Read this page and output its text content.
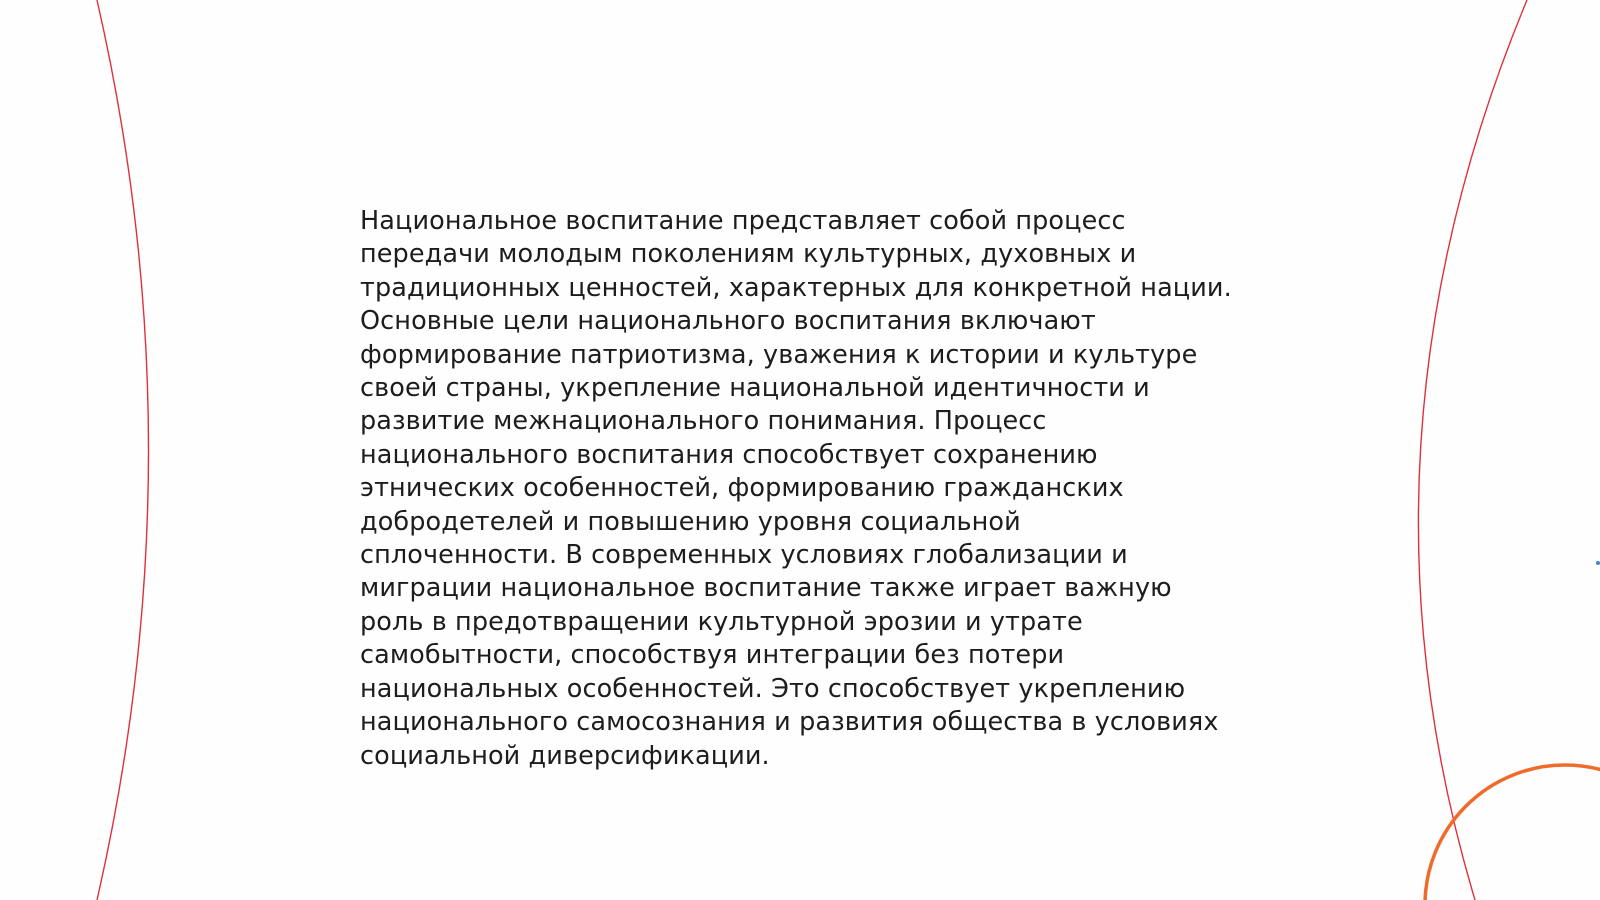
Национальное воспитание представляет собой процесс
передачи молодым поколениям культурных, духовных и
традиционных ценностей, характерных для конкретной нации.
Основные цели национального воспитания включают
формирование патриотизма, уважения к истории и культуре
своей страны, укрепление национальной идентичности и
развитие межнационального понимания. Процесс
национального воспитания способствует сохранению
этнических особенностей, формированию гражданских
добродетелей и повышению уровня социальной
сплоченности. В современных условиях глобализации и
миграции национальное воспитание также играет важную
роль в предотвращении культурной эрозии и утрате
самобытности, способствуя интеграции без потери
национальных особенностей. Это способствует укреплению
национального самосознания и развития общества в условиях
социальной диверсификации.
